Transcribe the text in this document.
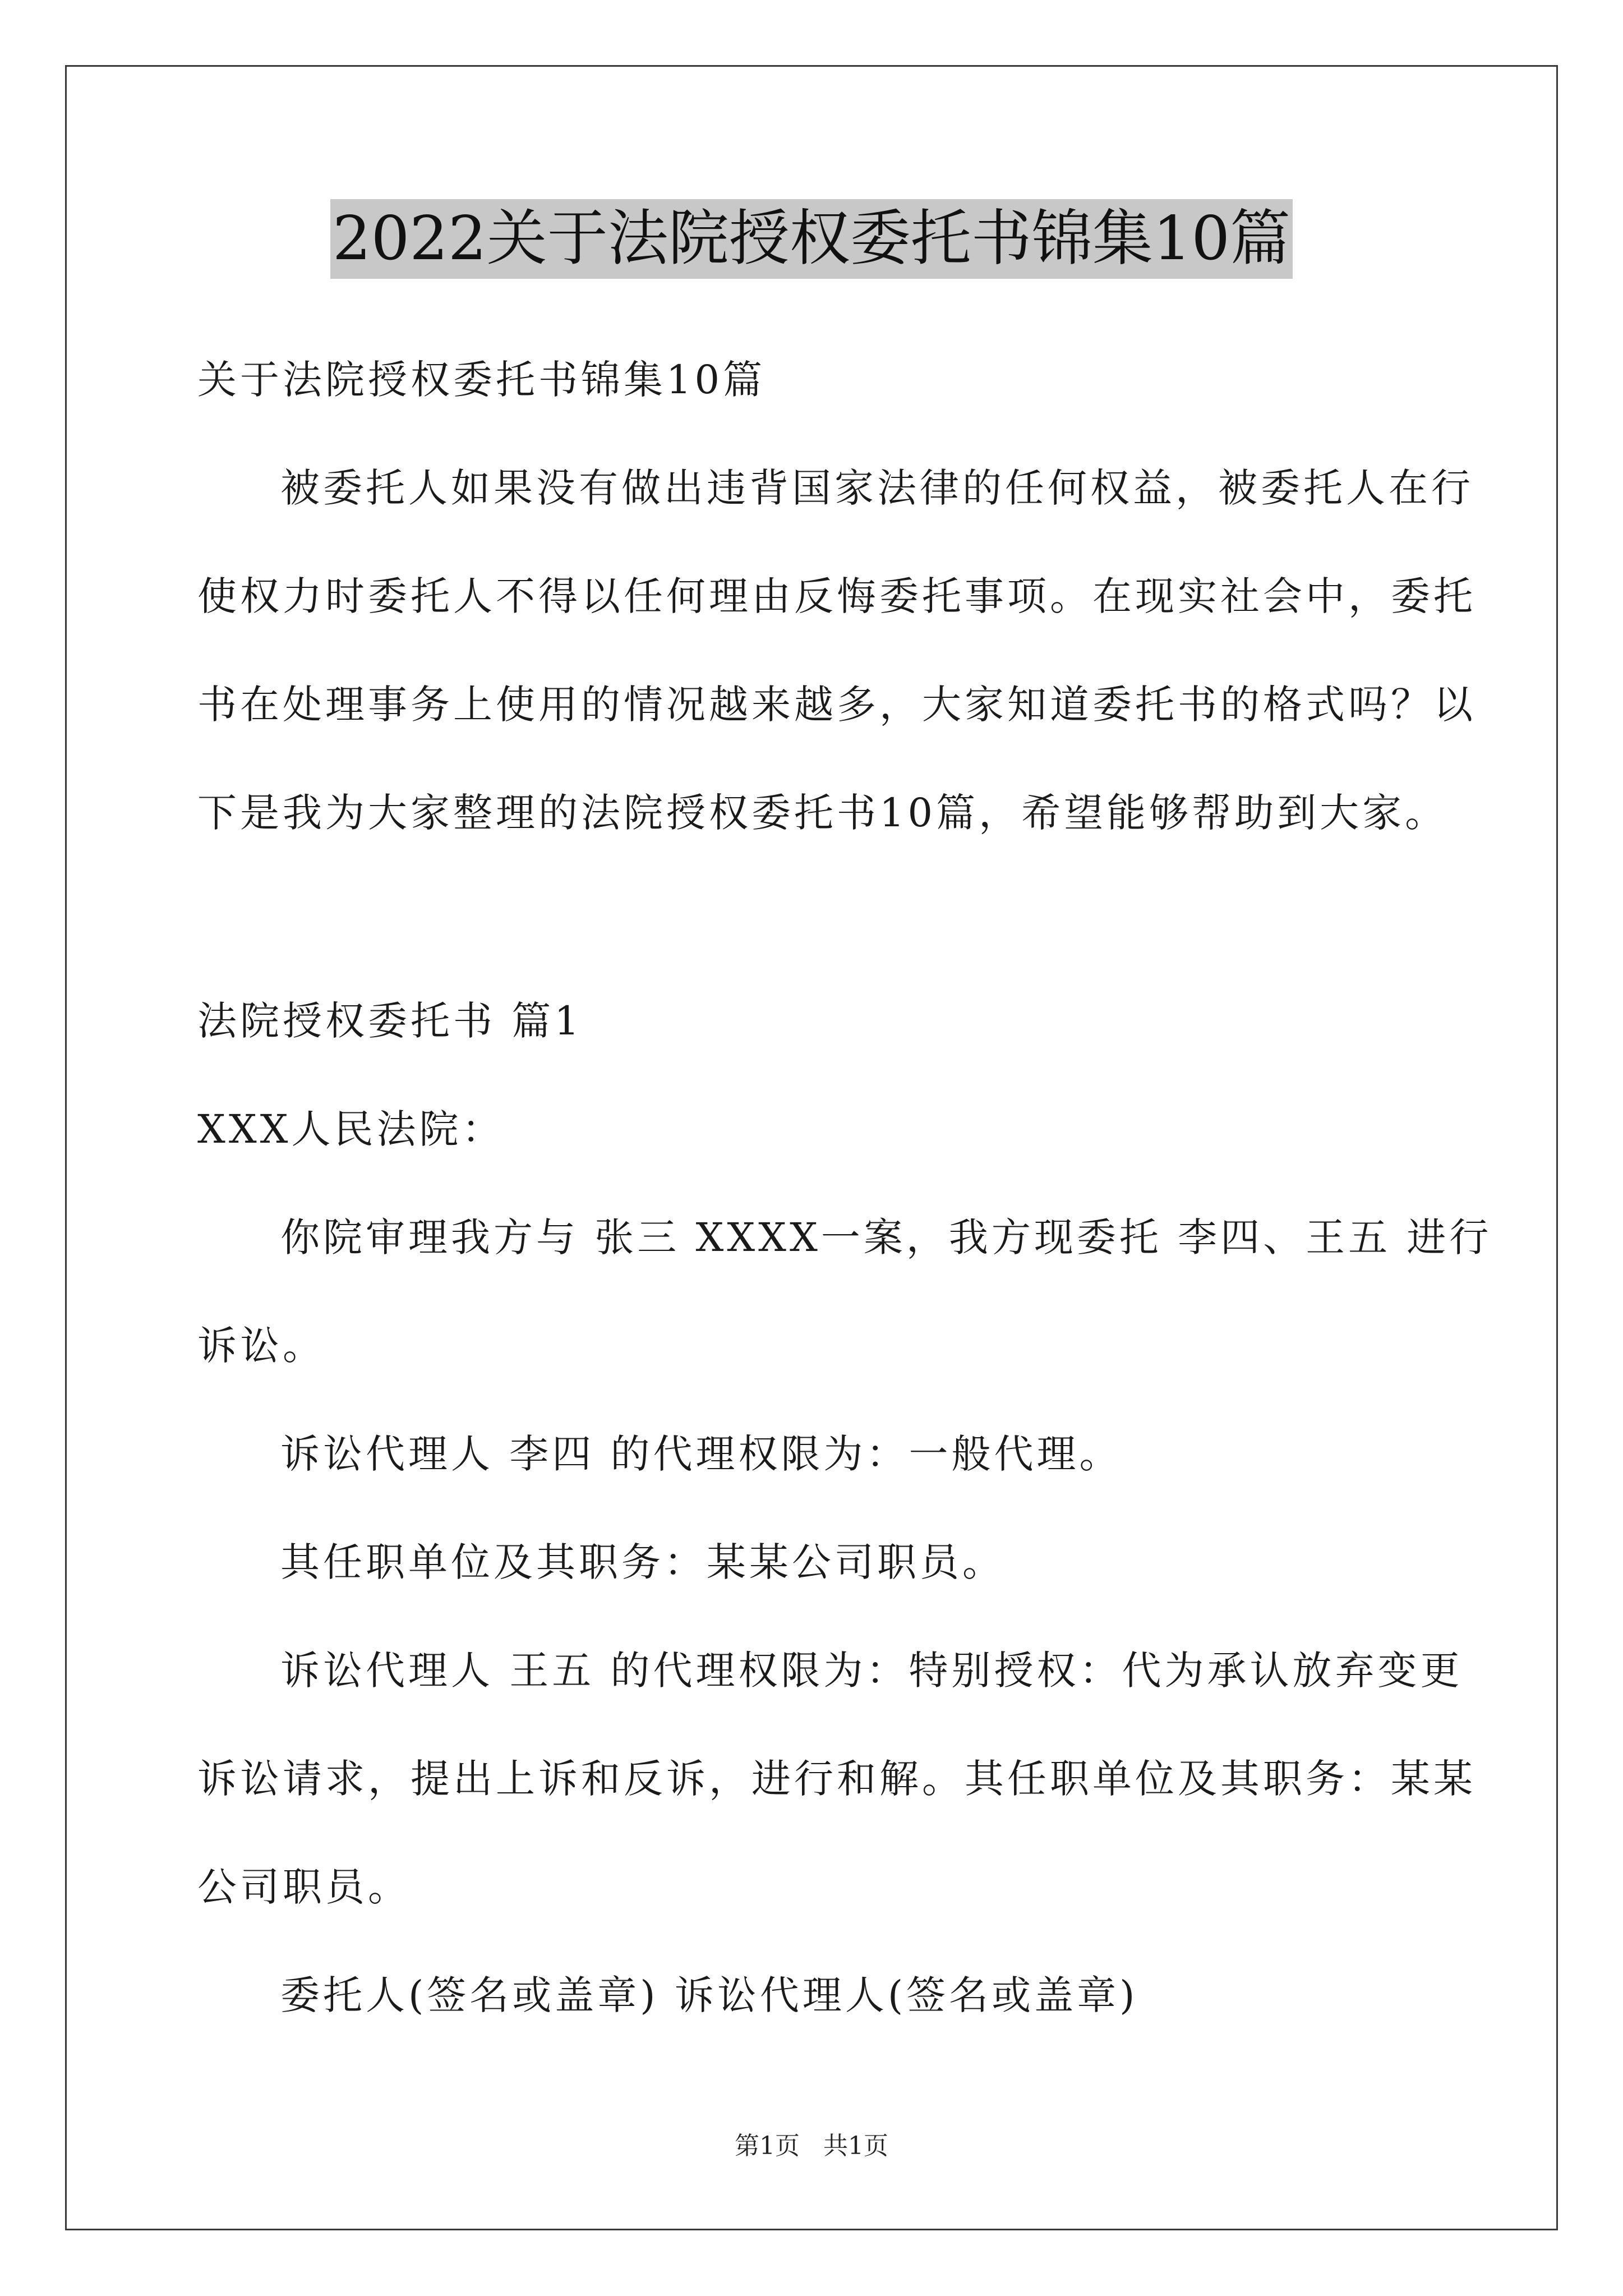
2022关于法院授权委托书锦集10篇
关于法院授权委托书锦集10篇
被委托人如果没有做出违背国家法律的任何权益，被委托人在行
使权力时委托人不得以任何理由反悔委托事项。在现实社会中，委托
书在处理事务上使用的情况越来越多，大家知道委托书的格式吗？以
下是我为大家整理的法院授权委托书10篇，希望能够帮助到大家。
法院授权委托书 篇1
XXX人民法院：
你院审理我方与 张三 XXXX一案，我方现委托 李四、王五 进行
诉讼。
诉讼代理人 李四 的代理权限为：一般代理。
其任职单位及其职务：某某公司职员。
诉讼代理人 王五 的代理权限为：特别授权：代为承认放弃变更
诉讼请求，提出上诉和反诉，进行和解。其任职单位及其职务：某某
公司职员。
委托人(签名或盖章) 诉讼代理人(签名或盖章)
第1页   共1页
